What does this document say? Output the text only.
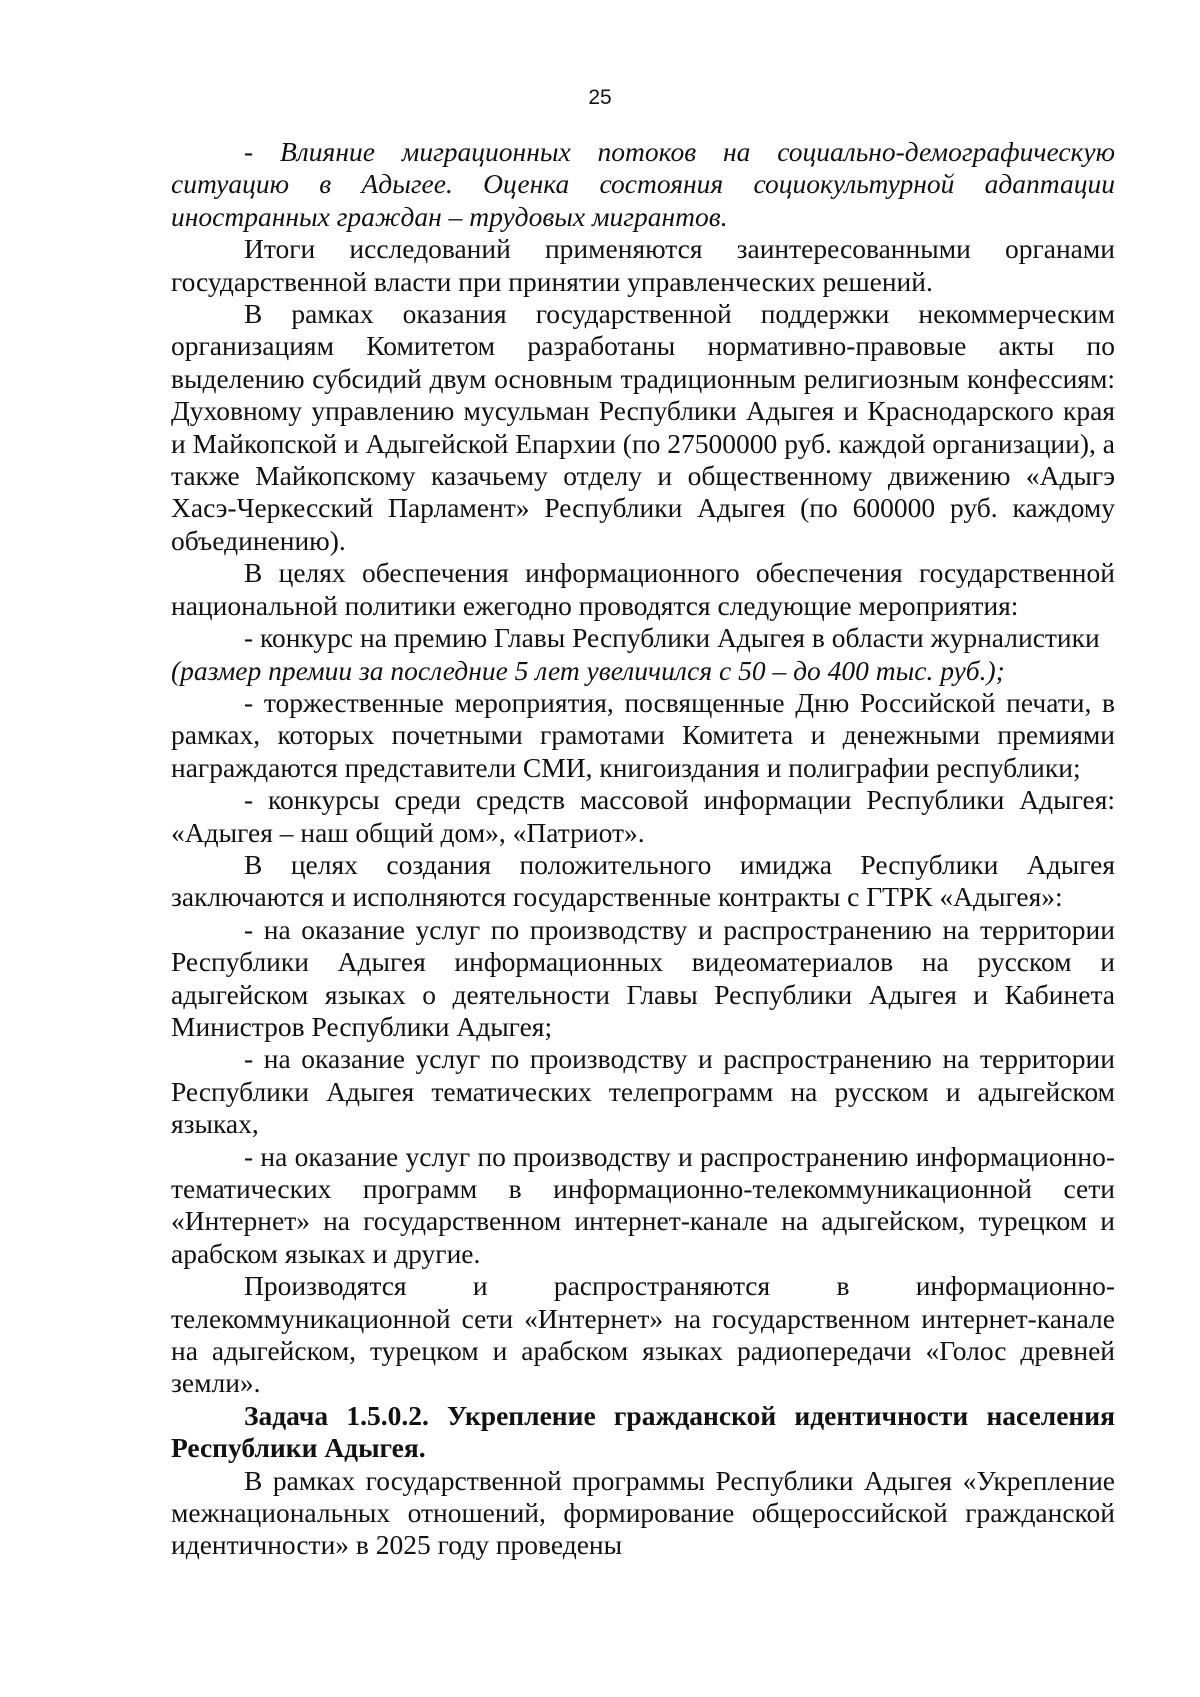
25

- Влияние миграционных потоков на социально-демографическую ситуацию в Адыгее. Оценка состояния социокультурной адаптации иностранных граждан – трудовых мигрантов.

Итоги исследований применяются заинтересованными органами государственной власти при принятии управленческих решений.

В рамках оказания государственной поддержки некоммерческим организациям Комитетом разработаны нормативно-правовые акты по выделению субсидий двум основным традиционным религиозным конфессиям: Духовному управлению мусульман Республики Адыгея и Краснодарского края и Майкопской и Адыгейской Епархии (по 27500000 руб. каждой организации), а также Майкопскому казачьему отделу и общественному движению «Адыгэ Хасэ-Черкесский Парламент» Республики Адыгея (по 600000 руб. каждому объединению).

В целях обеспечения информационного обеспечения государственной национальной политики ежегодно проводятся следующие мероприятия:

- конкурс на премию Главы Республики Адыгея в области журналистики

(размер премии за последние 5 лет увеличился с 50 – до 400 тыс. руб.);

- торжественные мероприятия, посвященные Дню Российской печати, в рамках, которых почетными грамотами Комитета и денежными премиями награждаются представители СМИ, книгоиздания и полиграфии республики;

- конкурсы среди средств массовой информации Республики Адыгея: «Адыгея – наш общий дом», «Патриот».

В целях создания положительного имиджа Республики Адыгея заключаются и исполняются государственные контракты с ГТРК «Адыгея»:

- на оказание услуг по производству и распространению на территории Республики Адыгея информационных видеоматериалов на русском и адыгейском языках о деятельности Главы Республики Адыгея и Кабинета Министров Республики Адыгея;

- на оказание услуг по производству и распространению на территории Республики Адыгея тематических телепрограмм на русском и адыгейском языках,

- на оказание услуг по производству и распространению информационно-тематических программ в информационно-телекоммуникационной сети «Интернет» на государственном интернет-канале на адыгейском, турецком и арабском языках и другие.

Производятся и распространяются в информационно-телекоммуникационной сети «Интернет» на государственном интернет-канале на адыгейском, турецком и арабском языках радиопередачи «Голос древней земли».

Задача 1.5.0.2. Укрепление гражданской идентичности населения Республики Адыгея.

В рамках государственной программы Республики Адыгея «Укрепление межнациональных отношений, формирование общероссийской гражданской идентичности» в 2025 году проведены
